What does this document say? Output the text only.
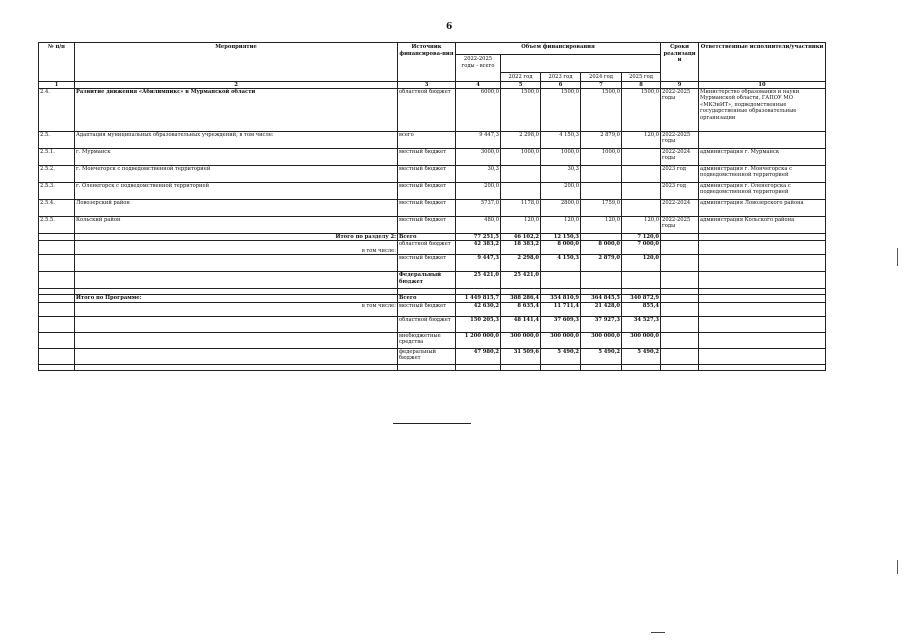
6
№ п/п	Мероприятие	Источник финансирова-ния	Объем финансирования					Сроки реализации	Ответственные исполнители/участники
			2022-2025 годы - всего						
				2022 год	2023 год	2024 год	2025 год		
1	2	3	4	5	6	7	8	9	10
2.4.	Развитие движения «Абилимпикс» в Мурманской области	областной бюджет	6000,0	1500,0	1500,0	1500,0	1500,0	2022-2025 годы	Министерство образования и науки Мурманской области, ГАПОУ МО «МКЭиИТ», подведомственные государственные образовательные организации
2.5.	Адаптация муниципальных образовательных учреждений, в том числе:	всего	9 447,3	2 298,0	4 150,3	2 879,0	120,0	2022-2025 годы	
2.5.1.	г. Мурманск	местный бюджет	3000,0	1000,0	1000,0	1000,0		2022-2024 годы	администрация г. Мурманск
2.5.2.	г. Мончегорск с подведомственной территорией	местный бюджет	30,3		30,3			2023 год	администрация г. Мончегорска с подведомственной территорией
2.5.3.	г. Оленегорск с подведомственной территорией	местный бюджет	200,0		200,0			2023 год	администрация г. Оленегорска с подведомственной территорией
2.5.4.	Ловозерский район	местный бюджет	5737,0	1178,0	2800,0	1759,0		2022-2024	администрация Ловозерского района
2.5.5.	Кольский район	местный бюджет	480,0	120,0	120,0	120,0	120,0	2022-2025 годы	администрация Кольского района
	Итого по разделу 2:	Всего	77 251,5	46 102,2	12 150,3		7 120,0		
	в том числе:	областной бюджет	42 383,2	18 383,2	8 000,0	8 000,0	7 000,0		
		местный бюджет	9 447,3	2 298,0	4 150,3	2 879,0	120,0		
		Федеральный бюджет	25 421,0	25 421,0					

	Итого по Программе:	Всего	1 449 815,7	388 286,4	354 810,9	364 845,5	340 872,9		
	в том числе:	местный бюджет	42 630,2	8 635,4	11 711,4	21 428,0	855,4		
		областной бюджет	150 205,3	48 141,4	37 609,3	37 927,3	34 527,3		
		внебюджетные средства	1 200 000,0	300 000,0	300 000,0	300 000,0	300 000,0		
		федеральный бюджет	47 980,2	31 509,6	5 490,2	5 490,2	5 490,2		
